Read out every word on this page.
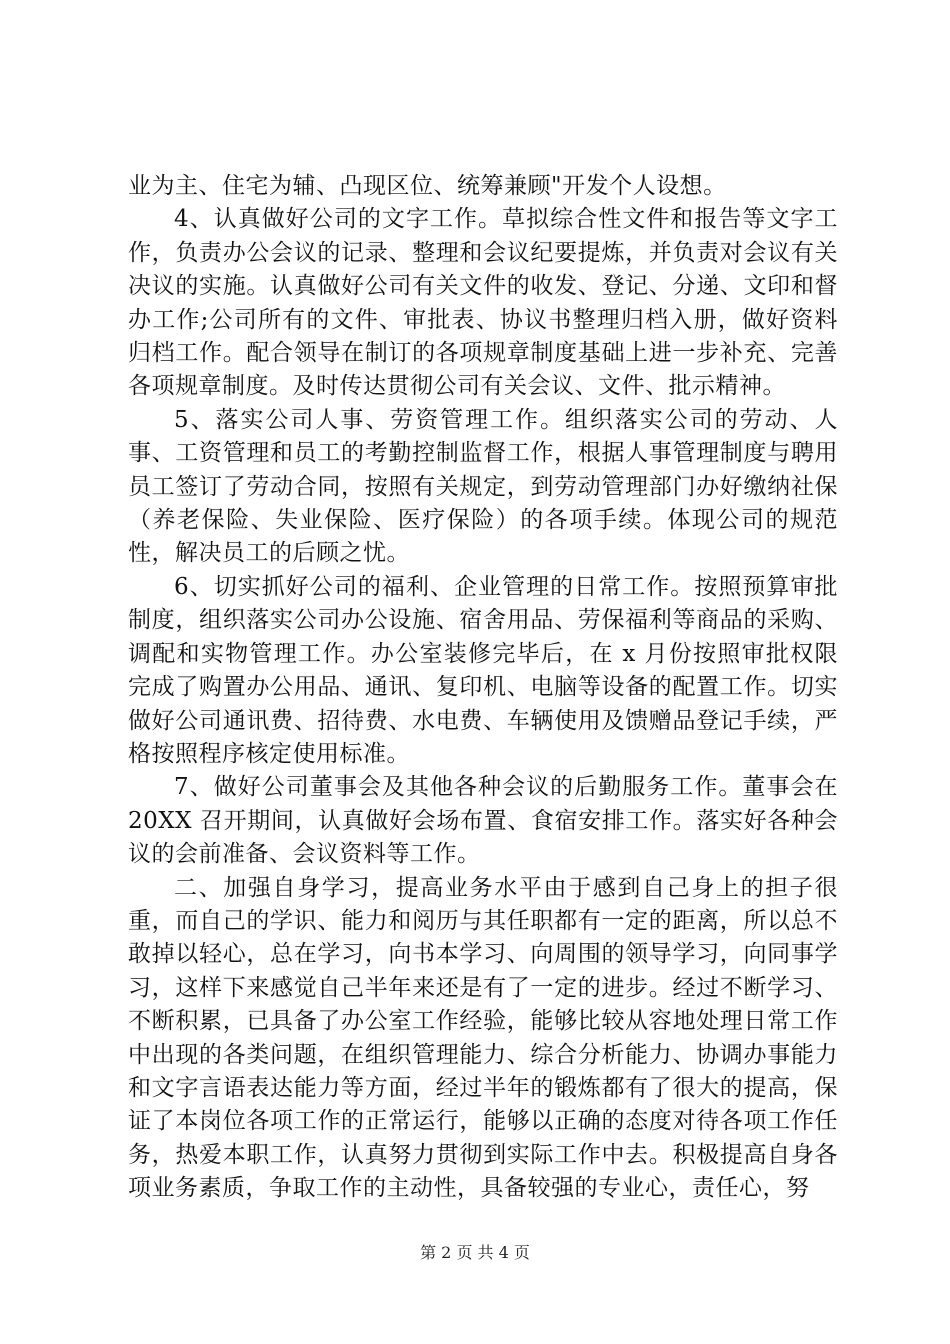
业为主、住宅为辅、凸现区位、统筹兼顾"开发个人设想。

4、认真做好公司的文字工作。草拟综合性文件和报告等文字工作，负责办公会议的记录、整理和会议纪要提炼，并负责对会议有关决议的实施。认真做好公司有关文件的收发、登记、分递、文印和督办工作;公司所有的文件、审批表、协议书整理归档入册，做好资料归档工作。配合领导在制订的各项规章制度基础上进一步补充、完善各项规章制度。及时传达贯彻公司有关会议、文件、批示精神。

5、落实公司人事、劳资管理工作。组织落实公司的劳动、人事、工资管理和员工的考勤控制监督工作，根据人事管理制度与聘用员工签订了劳动合同，按照有关规定，到劳动管理部门办好缴纳社保（养老保险、失业保险、医疗保险）的各项手续。体现公司的规范性，解决员工的后顾之忧。

6、切实抓好公司的福利、企业管理的日常工作。按照预算审批制度，组织落实公司办公设施、宿舍用品、劳保福利等商品的采购、调配和实物管理工作。办公室装修完毕后，在 x 月份按照审批权限完成了购置办公用品、通讯、复印机、电脑等设备的配置工作。切实做好公司通讯费、招待费、水电费、车辆使用及馈赠品登记手续，严格按照程序核定使用标准。

7、做好公司董事会及其他各种会议的后勤服务工作。董事会在 20XX 召开期间，认真做好会场布置、食宿安排工作。落实好各种会议的会前准备、会议资料等工作。

二、加强自身学习，提高业务水平由于感到自己身上的担子很重，而自己的学识、能力和阅历与其任职都有一定的距离，所以总不敢掉以轻心，总在学习，向书本学习、向周围的领导学习，向同事学习，这样下来感觉自己半年来还是有了一定的进步。经过不断学习、不断积累，已具备了办公室工作经验，能够比较从容地处理日常工作中出现的各类问题，在组织管理能力、综合分析能力、协调办事能力和文字言语表达能力等方面，经过半年的锻炼都有了很大的提高，保证了本岗位各项工作的正常运行，能够以正确的态度对待各项工作任务，热爱本职工作，认真努力贯彻到实际工作中去。积极提高自身各项业务素质，争取工作的主动性，具备较强的专业心，责任心，努

第 2 页 共 4 页
